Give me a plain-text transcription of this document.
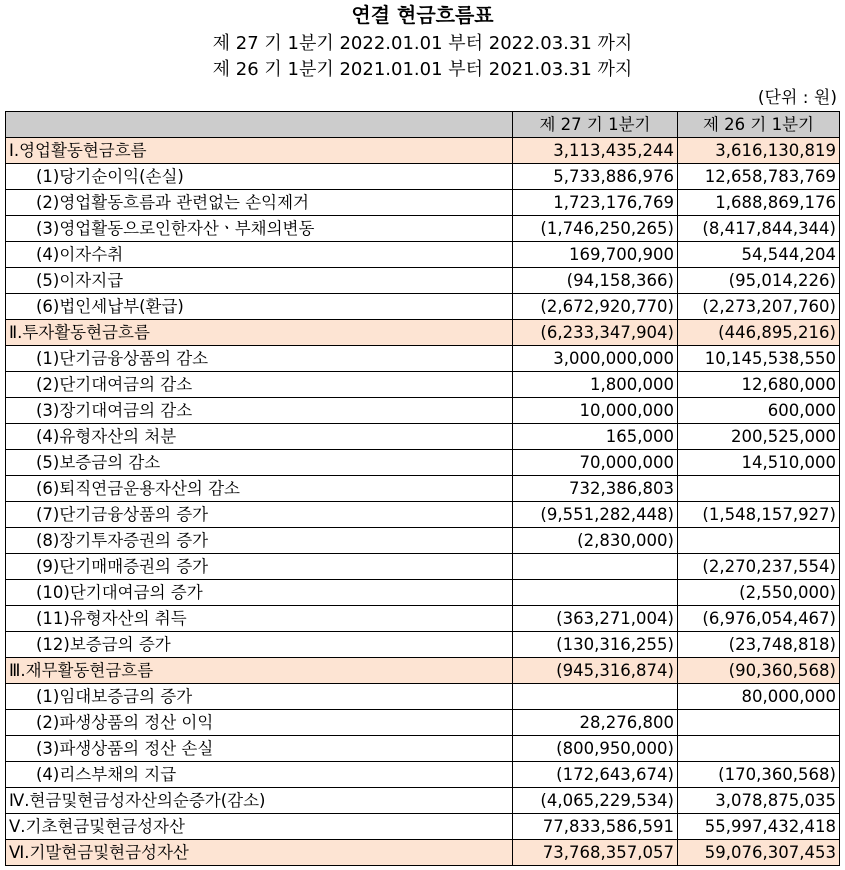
연결 현금흐름표
제 27 기 1분기 2022.01.01 부터 2022.03.31 까지
제 26 기 1분기 2021.01.01 부터 2021.03.31 까지
(단위 : 원)
	제 27 기 1분기	제 26 기 1분기
Ⅰ.영업활동현금흐름	3,113,435,244	3,616,130,819
(1)당기순이익(손실)	5,733,886,976	12,658,783,769
(2)영업활동흐름과 관련없는 손익제거	1,723,176,769	1,688,869,176
(3)영업활동으로인한자산ㆍ부채의변동	(1,746,250,265)	(8,417,844,344)
(4)이자수취	169,700,900	54,544,204
(5)이자지급	(94,158,366)	(95,014,226)
(6)법인세납부(환급)	(2,672,920,770)	(2,273,207,760)
Ⅱ.투자활동현금흐름	(6,233,347,904)	(446,895,216)
(1)단기금융상품의 감소	3,000,000,000	10,145,538,550
(2)단기대여금의 감소	1,800,000	12,680,000
(3)장기대여금의 감소	10,000,000	600,000
(4)유형자산의 처분	165,000	200,525,000
(5)보증금의 감소	70,000,000	14,510,000
(6)퇴직연금운용자산의 감소	732,386,803	
(7)단기금융상품의 증가	(9,551,282,448)	(1,548,157,927)
(8)장기투자증권의 증가	(2,830,000)	
(9)단기매매증권의 증가		(2,270,237,554)
(10)단기대여금의 증가		(2,550,000)
(11)유형자산의 취득	(363,271,004)	(6,976,054,467)
(12)보증금의 증가	(130,316,255)	(23,748,818)
Ⅲ.재무활동현금흐름	(945,316,874)	(90,360,568)
(1)임대보증금의 증가		80,000,000
(2)파생상품의 정산 이익	28,276,800	
(3)파생상품의 정산 손실	(800,950,000)	
(4)리스부채의 지급	(172,643,674)	(170,360,568)
Ⅳ.현금및현금성자산의순증가(감소)	(4,065,229,534)	3,078,875,035
Ⅴ.기초현금및현금성자산	77,833,586,591	55,997,432,418
Ⅵ.기말현금및현금성자산	73,768,357,057	59,076,307,453
